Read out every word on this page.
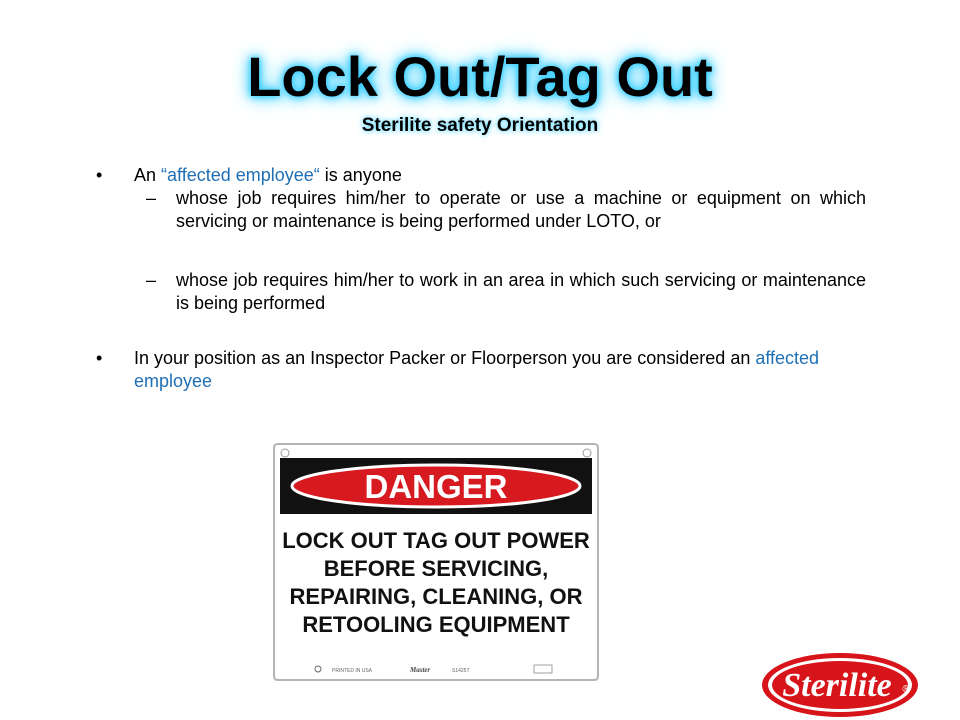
Lock Out/Tag Out
Sterilite safety Orientation
•	An “affected employee“ is anyone
– whose job requires him/her to operate or use a machine or equipment on which servicing or maintenance is being performed under LOTO, or
– whose job requires him/her to work in an area in which such servicing or maintenance is being performed
•	In your position as an Inspector Packer or Floorperson you are considered an affected employee
DANGER
LOCK OUT TAG OUT POWER
BEFORE SERVICING,
REPAIRING, CLEANING, OR
RETOOLING EQUIPMENT
PRINTED IN USA	Master	S1425T	Sterilite ®
